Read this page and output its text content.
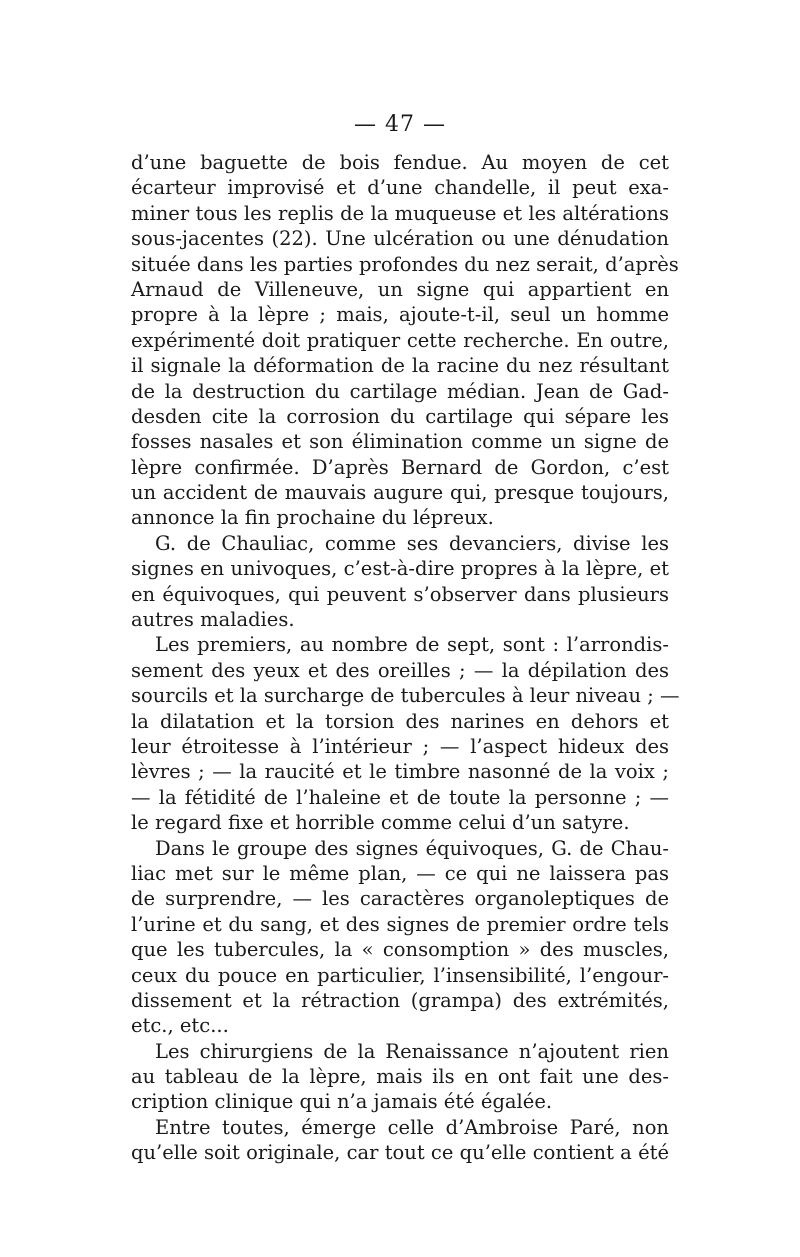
— 47 —
d’une baguette de bois fendue. Au moyen de cet
écarteur improvisé et d’une chandelle, il peut exa-
miner tous les replis de la muqueuse et les altérations
sous-jacentes (22). Une ulcération ou une dénudation
située dans les parties profondes du nez serait, d’après
Arnaud de Villeneuve, un signe qui appartient en
propre à la lèpre ; mais, ajoute-t-il, seul un homme
expérimenté doit pratiquer cette recherche. En outre,
il signale la déformation de la racine du nez résultant
de la destruction du cartilage médian. Jean de Gad-
desden cite la corrosion du cartilage qui sépare les
fosses nasales et son élimination comme un signe de
lèpre confirmée. D’après Bernard de Gordon, c’est
un accident de mauvais augure qui, presque toujours,
annonce la fin prochaine du lépreux.
G. de Chauliac, comme ses devanciers, divise les
signes en univoques, c’est-à-dire propres à la lèpre, et
en équivoques, qui peuvent s’observer dans plusieurs
autres maladies.
Les premiers, au nombre de sept, sont : l’arrondis-
sement des yeux et des oreilles ; — la dépilation des
sourcils et la surcharge de tubercules à leur niveau ; —
la dilatation et la torsion des narines en dehors et
leur étroitesse à l’intérieur ; — l’aspect hideux des
lèvres ; — la raucité et le timbre nasonné de la voix ;
— la fétidité de l’haleine et de toute la personne ; —
le regard fixe et horrible comme celui d’un satyre.
Dans le groupe des signes équivoques, G. de Chau-
liac met sur le même plan, — ce qui ne laissera pas
de surprendre, — les caractères organoleptiques de
l’urine et du sang, et des signes de premier ordre tels
que les tubercules, la « consomption » des muscles,
ceux du pouce en particulier, l’insensibilité, l’engour-
dissement et la rétraction (grampa) des extrémités,
etc., etc...
Les chirurgiens de la Renaissance n’ajoutent rien
au tableau de la lèpre, mais ils en ont fait une des-
cription clinique qui n’a jamais été égalée.
Entre toutes, émerge celle d’Ambroise Paré, non
qu’elle soit originale, car tout ce qu’elle contient a été
